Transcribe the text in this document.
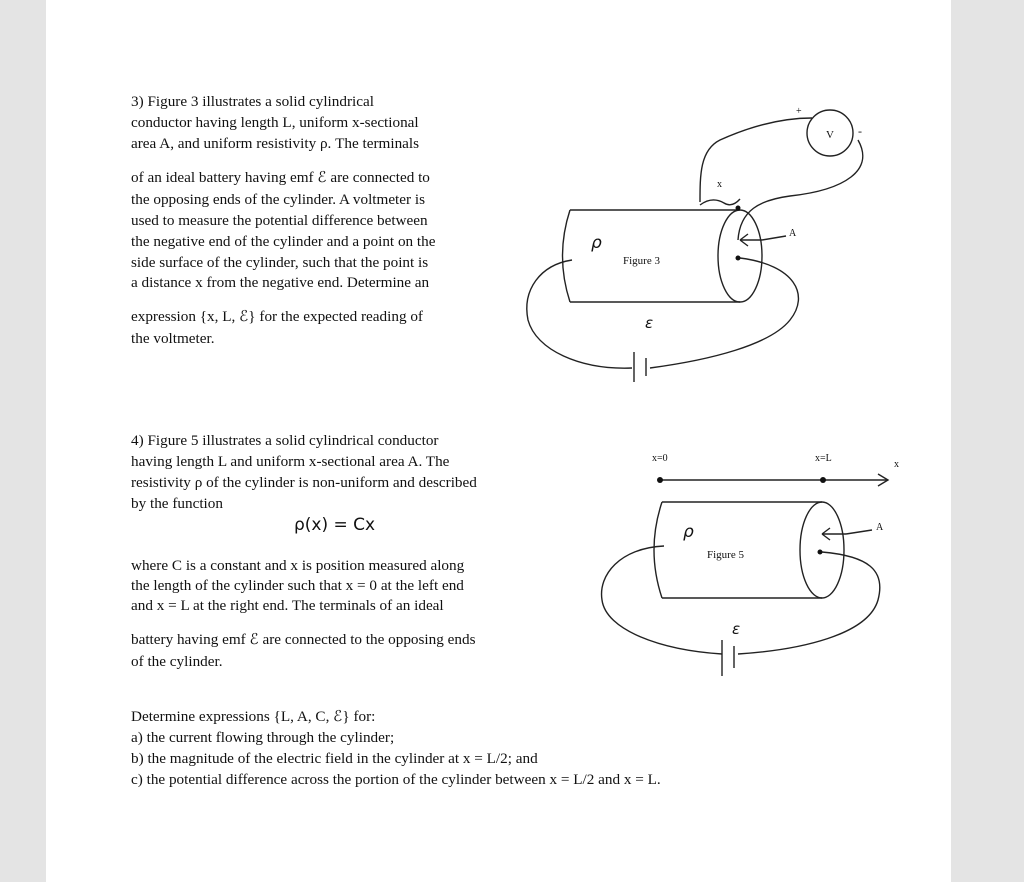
3) Figure 3 illustrates a solid cylindrical
conductor having length L, uniform x-sectional
area A, and uniform resistivity ρ. The terminals
of an ideal battery having emf ℰ are connected to
the opposing ends of the cylinder. A voltmeter is
used to measure the potential difference between
the negative end of the cylinder and a point on the
side surface of the cylinder, such that the point is
a distance x from the negative end. Determine an
expression {x, L, ℰ} for the expected reading of
the voltmeter.
4) Figure 5 illustrates a solid cylindrical conductor
having length L and uniform x-sectional area A. The
resistivity ρ of the cylinder is non-uniform and described
by the function
ρ(x) = Cx
where C is a constant and x is position measured along
the length of the cylinder such that x = 0 at the left end
and x = L at the right end. The terminals of an ideal
battery having emf ℰ are connected to the opposing ends
of the cylinder.
Determine expressions {L, A, C, ℰ} for:
a) the current flowing through the cylinder;
b) the magnitude of the electric field in the cylinder at x = L/2; and
c) the potential difference across the portion of the cylinder between x = L/2 and x = L.
V
+
-
x
A
ρ
Figure 3
ε
x=0	x=L
x
A
ρ
Figure 5
ε
